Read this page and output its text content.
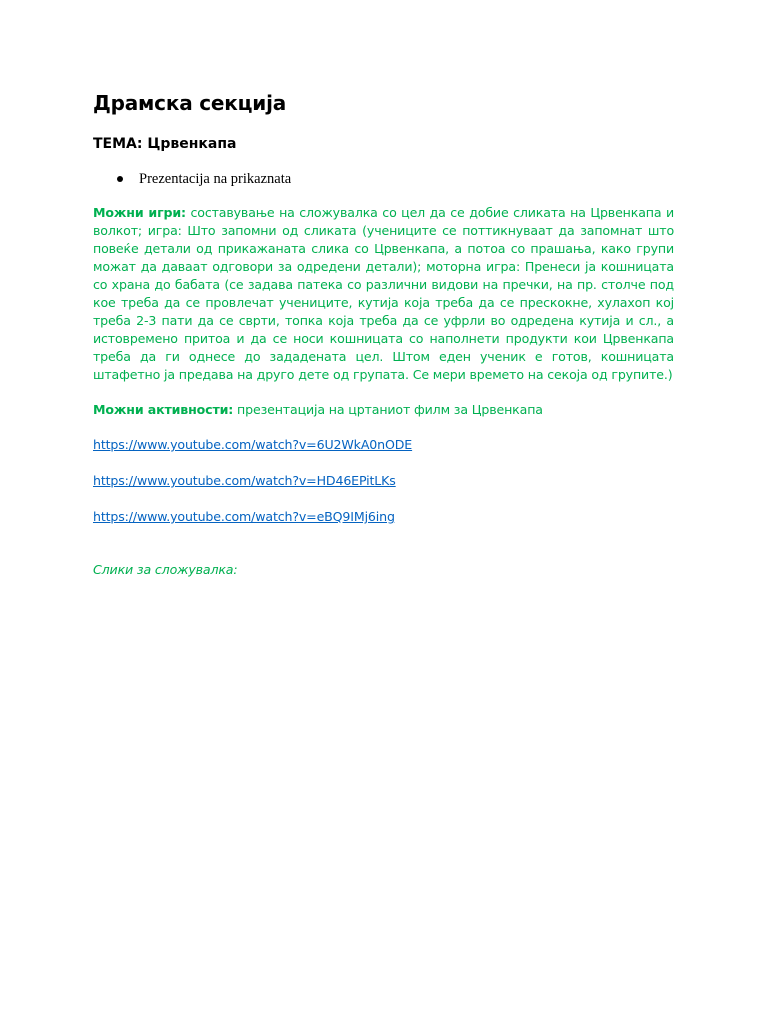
Драмска секција
ТЕМА: Црвенкапа
Prezentacija na prikaznata
Можни игри: составување на сложувалка со цел да се добие сликата на Црвенкапа и волкот; игра: Што запомни од сликата (учениците се поттикнуваат да запомнат што повеќе детали од прикажаната слика со Црвенкапа, а потоа со прашања, како групи можат да даваат одговори за одредени детали); моторна игра: Пренеси ја кошницата со храна до бабата (се задава патека со различни видови на пречки, на пр. столче под кое треба да се провлечат учениците, кутија која треба да се прескокне, хулахоп кој треба 2-3 пати да се сврти, топка која треба да се уфрли во одредена кутија и сл., а истовремено притоа и да се носи кошницата со наполнети продукти кои Црвенкапа треба да ги однесе до зададената цел. Штом еден ученик е готов, кошницата штафетно ја предава на друго дете од групата. Се мери времето на секоја од групите.)
Можни активности: презентација на цртаниот филм за Црвенкапа
https://www.youtube.com/watch?v=6U2WkA0nODE
https://www.youtube.com/watch?v=HD46EPitLKs
https://www.youtube.com/watch?v=eBQ9IMj6ing
Слики за сложувалка:
